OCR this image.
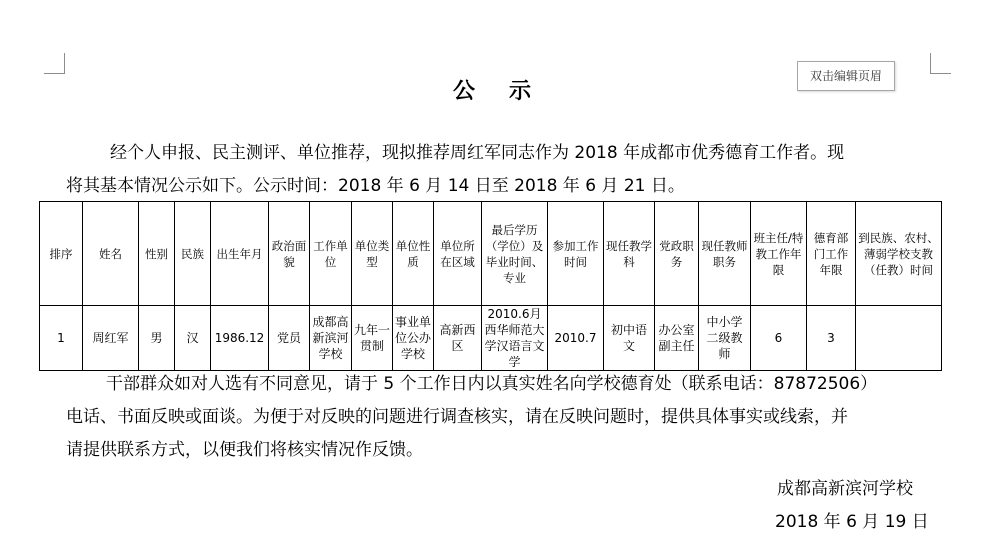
双击编辑页眉
公示
经个人申报、民主测评、单位推荐，现拟推荐周红军同志作为 2018 年成都市优秀德育工作者。现
将其基本情况公示如下。公示时间：2018 年 6 月 14 日至 2018 年 6 月 21 日。
排序	姓名	性别	民族	出生年月	政治面貌	工作单位	单位类型	单位性质	单位所在区域	最后学历（学位）及毕业时间、专业	参加工作时间	现任教学科	党政职务	现任教师职务	班主任/特教工作年限	德育部门工作年限	到民族、农村、薄弱学校支教（任教）时间
1	周红军	男	汉	1986.12	党员	成都高新滨河学校	九年一贯制	事业单位公办学校	高新西区	2010.6月西华师范大学汉语言文学	2010.7	初中语文	办公室副主任	中小学二级教师	6	3	
干部群众如对人选有不同意见，请于 5 个工作日内以真实姓名向学校德育处（联系电话：87872506）
电话、书面反映或面谈。为便于对反映的问题进行调查核实，请在反映问题时，提供具体事实或线索，并
请提供联系方式，以便我们将核实情况作反馈。
成都高新滨河学校
2018 年 6 月 19 日
